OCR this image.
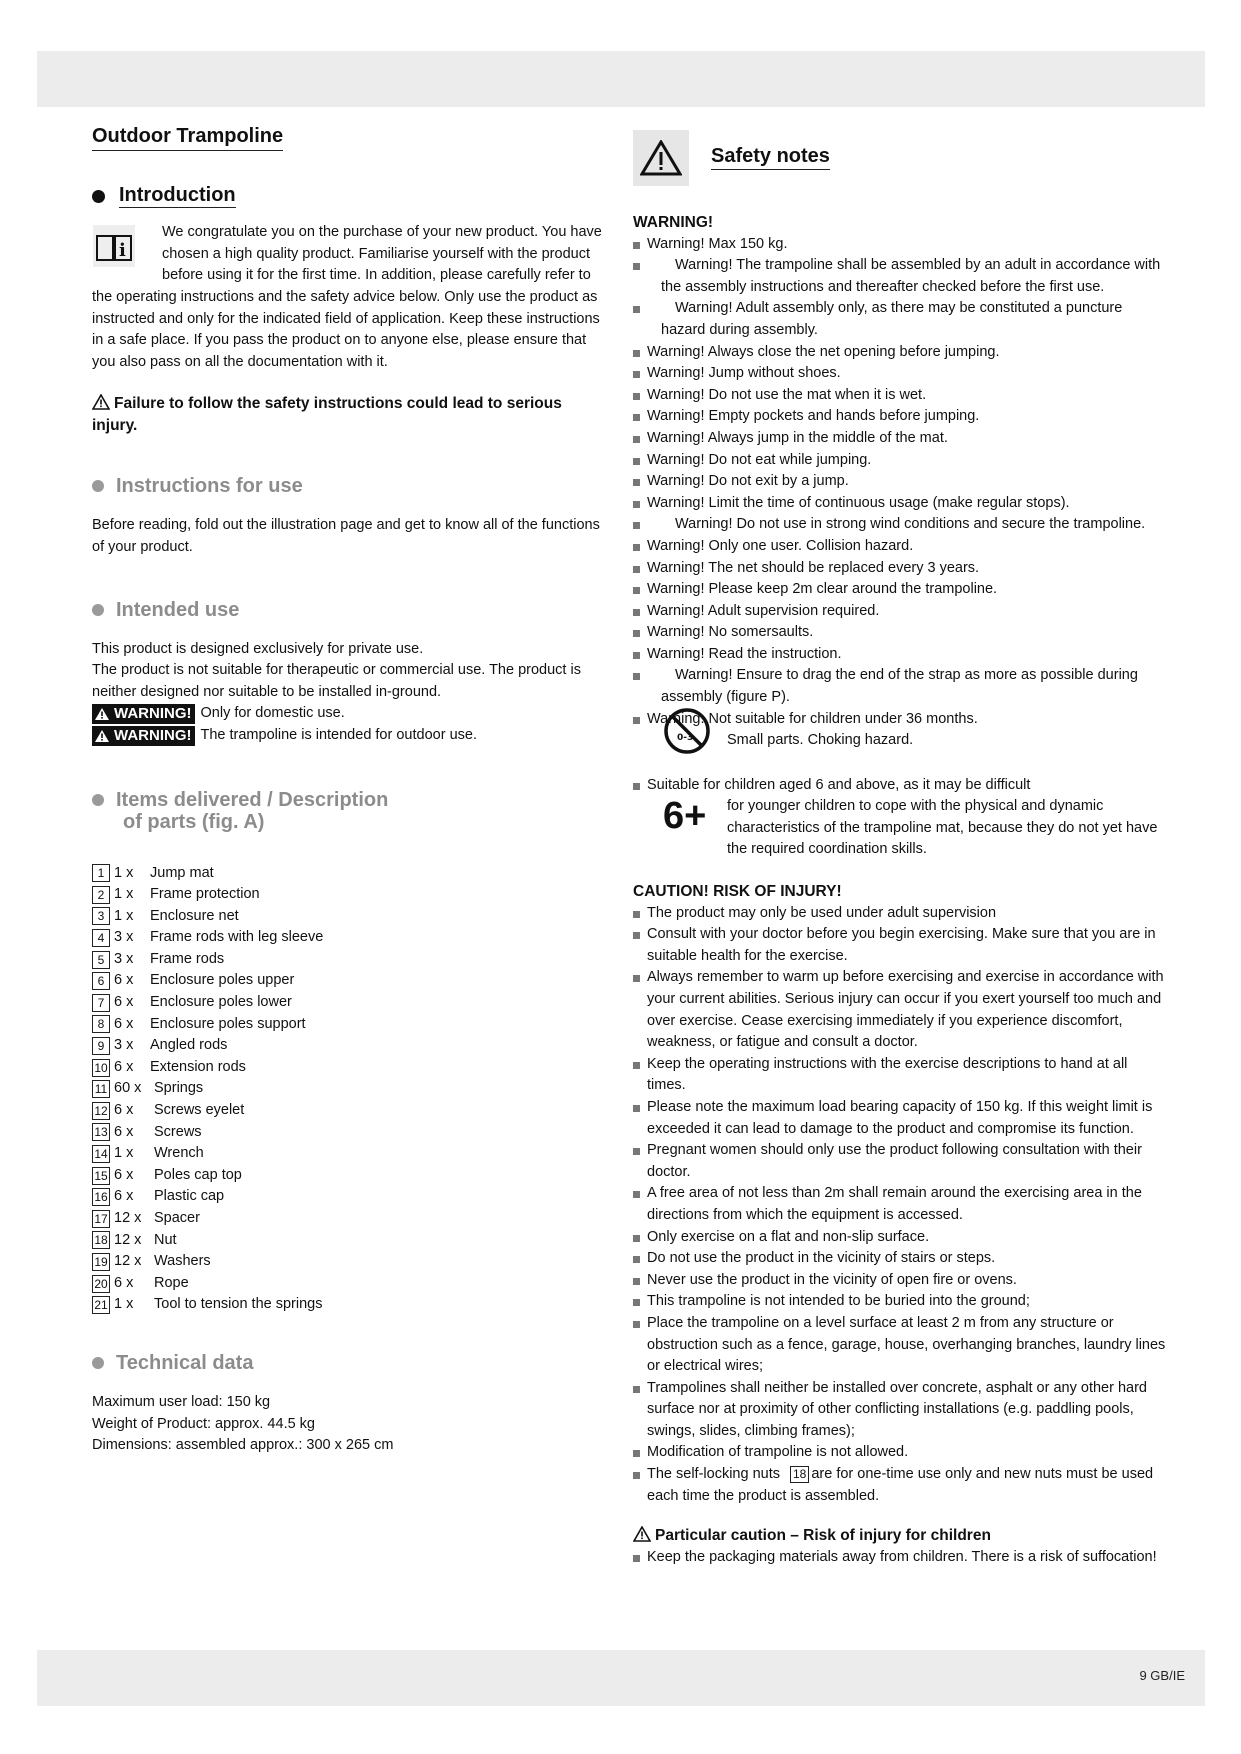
Outdoor Trampoline
Introduction
i

We congratulate you on the purchase of your new product. You have chosen a high quality product. Familiarise yourself with the product before using it for the first time. In addition, please carefully refer to the operating instructions and the safety advice below. Only use the product as instructed and only for the indicated field of application. Keep these instructions in a safe place. If you pass the product on to anyone else, please ensure that you also pass on all the documentation with it.

Failure to follow the safety instructions could lead to serious injury.
Instructions for use

Before reading, fold out the illustration page and get to know all of the functions of your product.

Intended use

This product is designed exclusively for private use.

The product is not suitable for therapeutic or commercial use. The product is neither designed nor suitable to be installed in-ground.

WARNING! Only for domestic use.
WARNING! The trampoline is intended for outdoor use.
Items delivered / Description
of parts (fig. A)
1 1 x	Jump mat
2 1 x	Frame protection
3 1 x	Enclosure net
4 3 x	Frame rods with leg sleeve
5 3 x	Frame rods
6 6 x	Enclosure poles upper
7 6 x	Enclosure poles lower
8 6 x	Enclosure poles support
9 3 x	Angled rods
10 6 x	Extension rods
11 60 x Springs
12 6 x	Screws eyelet
13 6 x	Screws
14 1 x	Wrench
15 6 x	Poles cap top
16 6 x	Plastic cap
17 12 x Spacer
18 12 x Nut
19 12 x Washers
20 6 x	Rope
21 1 x	Tool to tension the springs
Technical data

Maximum user load: 150 kg

Weight of Product: approx. 44.5 kg

Dimensions: assembled approx.: 300 x 265 cm

Safety notes

WARNING!

Warning! Max 150 kg.
Warning! The trampoline shall be assembled by an adult in accordance with the assembly instructions and thereafter checked before the first use.
Warning! Adult assembly only, as there may be constituted a puncture hazard during assembly.
Warning! Always close the net opening before jumping.
Warning! Jump without shoes.
Warning! Do not use the mat when it is wet.
Warning! Empty pockets and hands before jumping.
Warning! Always jump in the middle of the mat.
Warning! Do not eat while jumping.
Warning! Do not exit by a jump.
Warning! Limit the time of continuous usage (make regular stops).
Warning! Do not use in strong wind conditions and secure the trampoline.
Warning! Only one user. Collision hazard.
Warning! The net should be replaced every 3 years.
Warning! Please keep 2m clear around the trampoline.
Warning! Adult supervision required.
Warning! No somersaults.
Warning! Read the instruction.
Warning! Ensure to drag the end of the strap as more as possible during assembly (figure P).
Warning. Not suitable for children under 36 months.
Small parts. Choking hazard.
0-3
Suitable for children aged 6 and above, as it may be difficult
for younger children to cope with the physical and dynamic characteristics of the trampoline mat, because they do not yet have the required coordination skills.
6+

CAUTION! RISK OF INJURY!

The product may only be used under adult supervision
Consult with your doctor before you begin exercising. Make sure that you are in suitable health for the exercise.
Always remember to warm up before exercising and exercise in accordance with your current abilities. Serious injury can occur if you exert yourself too much and over exercise. Cease exercising immediately if you experience discomfort, weakness, or fatigue and consult a doctor.
Keep the operating instructions with the exercise descriptions to hand at all times.
Please note the maximum load bearing capacity of 150 kg. If this weight limit is exceeded it can lead to damage to the product and compromise its function.
Pregnant women should only use the product following consultation with their doctor.
A free area of not less than 2m shall remain around the exercising area in the directions from which the equipment is accessed.
Only exercise on a flat and non-slip surface.
Do not use the product in the vicinity of stairs or steps.
Never use the product in the vicinity of open fire or ovens.
This trampoline is not intended to be buried into the ground;
Place the trampoline on a level surface at least 2 m from any structure or obstruction such as a fence, garage, house, overhanging branches, laundry lines or electrical wires;
Trampolines shall neither be installed over concrete, asphalt or any other hard surface nor at proximity of other conflicting installations (e.g. paddling pools, swings, slides, climbing frames);
Modification of trampoline is not allowed.
The self-locking nuts 18 are for one-time use only and new nuts must be used each time the product is assembled.
Particular caution – Risk of injury for children
Keep the packaging materials away from children. There is a risk of suffocation!
9 GB/IE
